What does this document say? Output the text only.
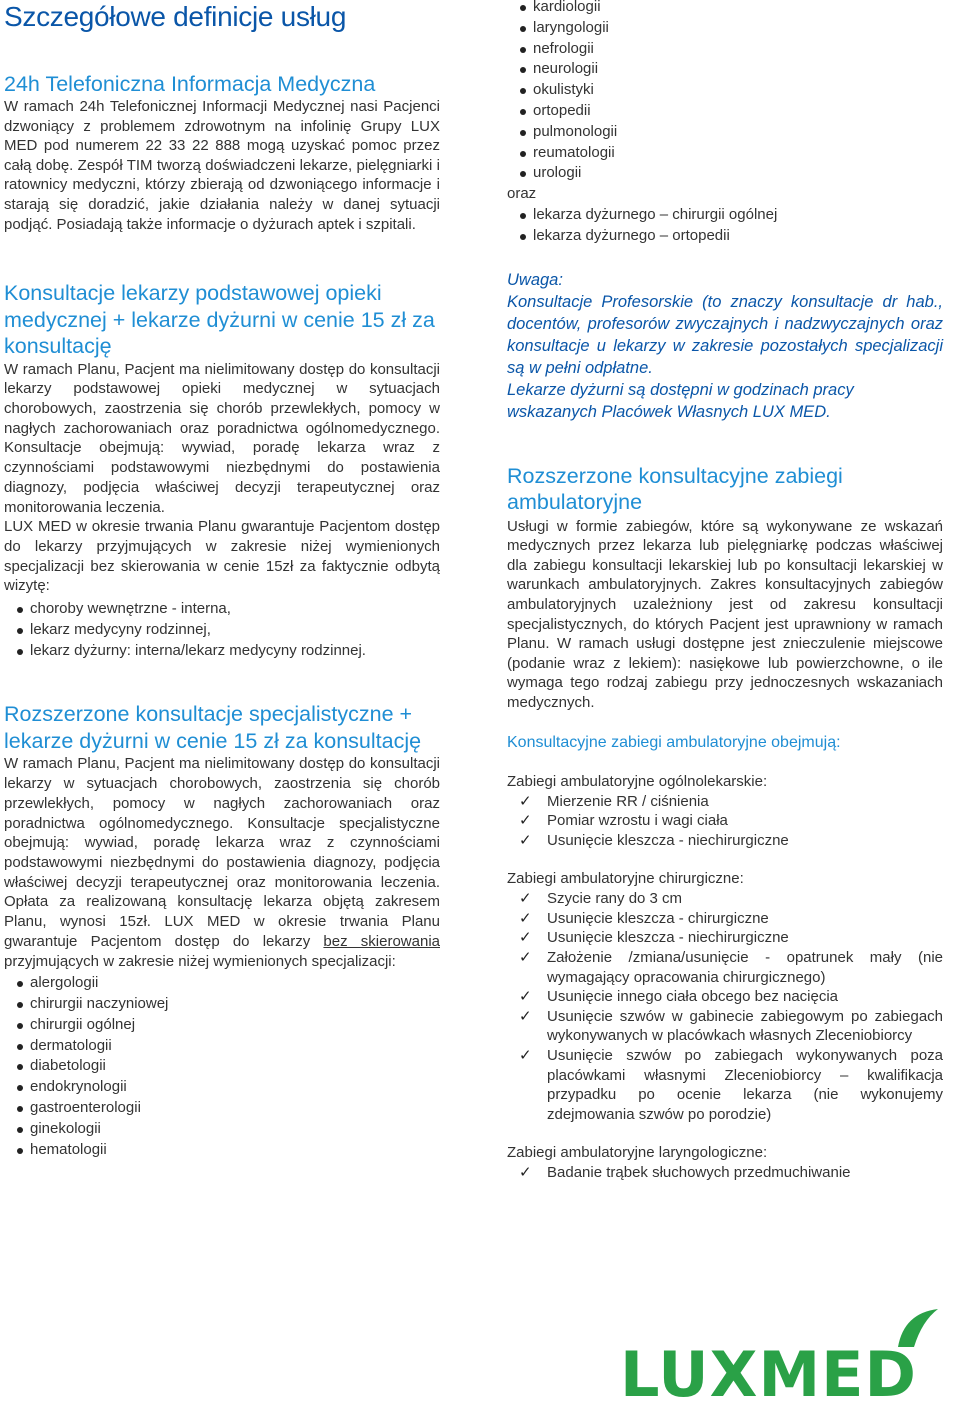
Szczegółowe definicje usług
24h Telefoniczna Informacja Medyczna

W ramach 24h Telefonicznej Informacji Medycznej nasi Pacjenci dzwoniący z problemem zdrowotnym na infolinię Grupy LUX MED pod numerem 22 33 22 888 mogą uzyskać pomoc przez całą dobę. Zespół TIM tworzą doświadczeni lekarze, pielęgniarki i ratownicy medyczni, którzy zbierają od dzwoniącego informacje i starają się doradzić, jakie działania należy w danej sytuacji podjąć. Posiadają także informacje o dyżurach aptek i szpitali.

Konsultacje lekarzy podstawowej opieki medycznej + lekarze dyżurni w cenie 15 zł za konsultację

W ramach Planu, Pacjent ma nielimitowany dostęp do konsultacji lekarzy podstawowej opieki medycznej w sytuacjach chorobowych, zaostrzenia się chorób przewlekłych, pomocy w nagłych zachorowaniach oraz poradnictwa ogólnomedycznego. Konsultacje obejmują: wywiad, poradę lekarza wraz z czynnościami podstawowymi niezbędnymi do postawienia diagnozy, podjęcia właściwej decyzji terapeutycznej oraz monitorowania leczenia.

LUX MED w okresie trwania Planu gwarantuje Pacjentom dostęp do lekarzy przyjmujących w zakresie niżej wymienionych specjalizacji bez skierowania w cenie 15zł za faktycznie odbytą wizytę:

choroby wewnętrzne - interna,
lekarz medycyny rodzinnej,
lekarz dyżurny: interna/lekarz medycyny rodzinnej.
Rozszerzone konsultacje specjalistyczne + lekarze dyżurni w cenie 15 zł za konsultację

W ramach Planu, Pacjent ma nielimitowany dostęp do konsultacji lekarzy w sytuacjach chorobowych, zaostrzenia się chorób przewlekłych, pomocy w nagłych zachorowaniach oraz poradnictwa ogólnomedycznego. Konsultacje specjalistyczne obejmują: wywiad, poradę lekarza wraz z czynnościami podstawowymi niezbędnymi do postawienia diagnozy, podjęcia właściwej decyzji terapeutycznej oraz monitorowania leczenia. Opłata za realizowaną konsultację lekarza objętą zakresem Planu, wynosi 15zł. LUX MED w okresie trwania Planu gwarantuje Pacjentom dostęp do lekarzy bez skierowania przyjmujących w zakresie niżej wymienionych specjalizacji:

alergologii
chirurgii naczyniowej
chirurgii ogólnej
dermatologii
diabetologii
endokrynologii
gastroenterologii
ginekologii
hematologii
kardiologii
laryngologii
nefrologii
neurologii
okulistyki
ortopedii
pulmonologii
reumatologii
urologii

oraz

lekarza dyżurnego – chirurgii ogólnej
lekarza dyżurnego – ortopedii
Uwaga:

Konsultacje Profesorskie (to znaczy konsultacje dr hab., docentów, profesorów zwyczajnych i nadzwyczajnych oraz konsultacje u lekarzy w zakresie pozostałych specjalizacji są w pełni odpłatne.

Lekarze dyżurni są dostępni w godzinach pracy wskazanych Placówek Własnych LUX MED.

Rozszerzone konsultacyjne zabiegi ambulatoryjne

Usługi w formie zabiegów, które są wykonywane ze wskazań medycznych przez lekarza lub pielęgniarkę podczas właściwej dla zabiegu konsultacji lekarskiej lub po konsultacji lekarskiej w warunkach ambulatoryjnych. Zakres konsultacyjnych zabiegów ambulatoryjnych uzależniony jest od zakresu konsultacji specjalistycznych, do których Pacjent jest uprawniony w ramach Planu. W ramach usługi dostępne jest znieczulenie miejscowe (podanie wraz z lekiem): nasiękowe lub powierzchowne, o ile wymaga tego rodzaj zabiegu przy jednoczesnych wskazaniach medycznych.

Konsultacyjne zabiegi ambulatoryjne obejmują:

Zabiegi ambulatoryjne ogólnolekarskie:

✓ Mierzenie RR / ciśnienia
✓ Pomiar wzrostu i wagi ciała
✓ Usunięcie kleszcza - niechirurgiczne

Zabiegi ambulatoryjne chirurgiczne:

✓ Szycie rany do 3 cm
✓ Usunięcie kleszcza - chirurgiczne
✓ Usunięcie kleszcza - niechirurgiczne
✓ Założenie /zmiana/usunięcie - opatrunek mały (nie wymagający opracowania chirurgicznego)
✓ Usunięcie innego ciała obcego bez nacięcia
✓ Usunięcie szwów w gabinecie zabiegowym po zabiegach wykonywanych w placówkach własnych Zleceniobiorcy
✓ Usunięcie szwów po zabiegach wykonywanych poza placówkami własnymi Zleceniobiorcy – kwalifikacja przypadku po ocenie lekarza (nie wykonujemy zdejmowania szwów po porodzie)

Zabiegi ambulatoryjne laryngologiczne:

✓ Badanie trąbek słuchowych przedmuchiwanie
LUXMED
